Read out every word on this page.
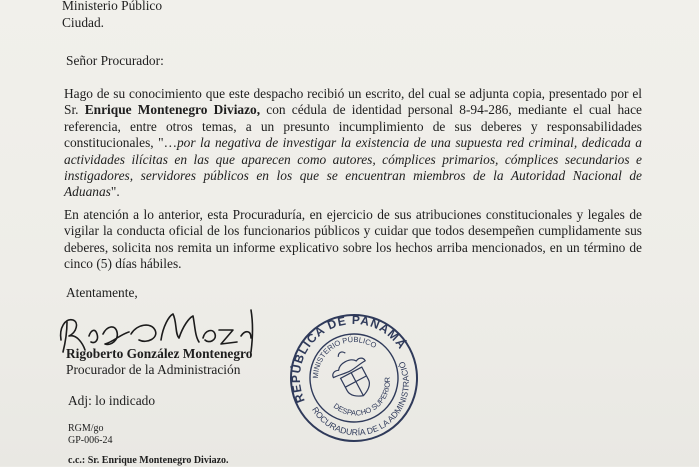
Ministerio Público
Ciudad.
Señor Procurador:
Hago de su conocimiento que este despacho recibió un escrito, del cual se adjunta copia, presentado por el Sr. Enrique Montenegro Diviazo, con cédula de identidad personal 8-94-286, mediante el cual hace referencia, entre otros temas, a un presunto incumplimiento de sus deberes y responsabilidades constitucionales, "…por la negativa de investigar la existencia de una supuesta red criminal, dedicada a actividades ilícitas en las que aparecen como autores, cómplices primarios, cómplices secundarios e instigadores, servidores públicos en los que se encuentran miembros de la Autoridad Nacional de Aduanas".
En atención a lo anterior, esta Procuraduría, en ejercicio de sus atribuciones constitucionales y legales de vigilar la conducta oficial de los funcionarios públicos y cuidar que todos desempeñen cumplidamente sus deberes, solicita nos remita un informe explicativo sobre los hechos arriba mencionados, en un término de cinco (5) días hábiles.
Atentamente,
Rigoberto González Montenegro
Procurador de la Administración
Adj: lo indicado
RGM/go
GP-006-24
c.c.: Sr. Enrique Montenegro Diviazo.
REPÚBLICA DE PANAMÁ
PROCURADURÍA DE LA ADMINISTRACIÓN
MINISTERIO PÚBLICO
DESPACHO SUPERIOR
